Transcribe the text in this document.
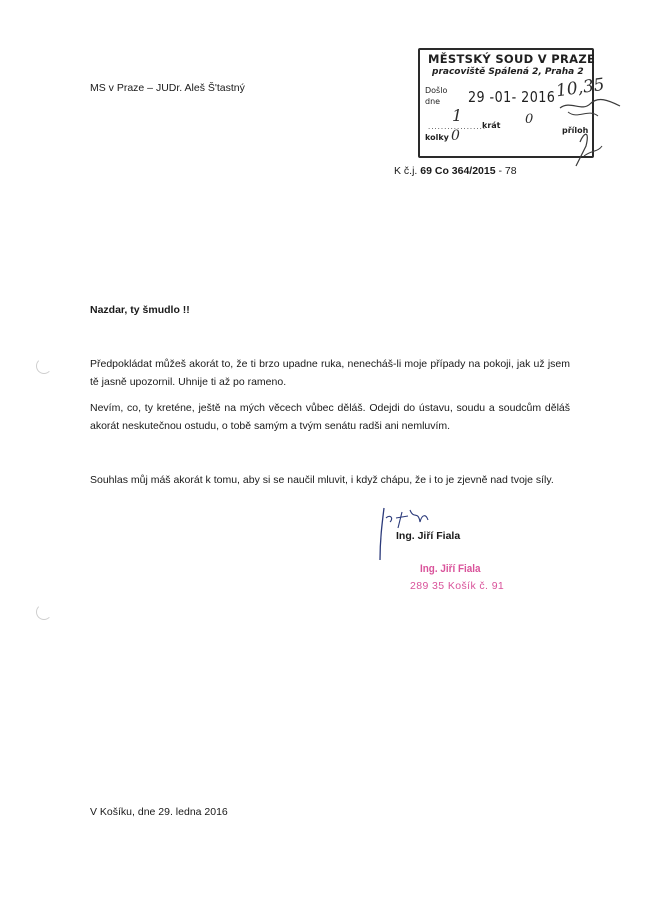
MS v Praze – JUDr. Aleš Š'tastný
MĚSTSKÝ SOUD V PRAZE
pracoviště Spálená 2, Praha 2
Došlo
dne 29 -01- 2016 10,35
1
..................
krát 0
příloh
kolky 0
K č.j. 69 Co 364/2015 - 78
Nazdar, ty šmudlo !!
Předpokládat můžeš akorát to, že ti brzo upadne ruka, nenecháš-li moje případy na pokoji, jak už jsem tě jasně upozornil. Uhnije ti až po rameno.
Nevím, co, ty kreténe, ještě na mých věcech vůbec děláš. Odejdi do ústavu, soudu a soudcům děláš akorát neskutečnou ostudu, o tobě samým a tvým senátu radši ani nemluvím.
Souhlas můj máš akorát k tomu, aby si se naučil mluvit, i když chápu, že i to je zjevně nad tvoje síly.
Ing. Jiří Fiala
Ing. Jiří Fiala
289 35 Košík č. 91
V Košíku, dne 29. ledna 2016
